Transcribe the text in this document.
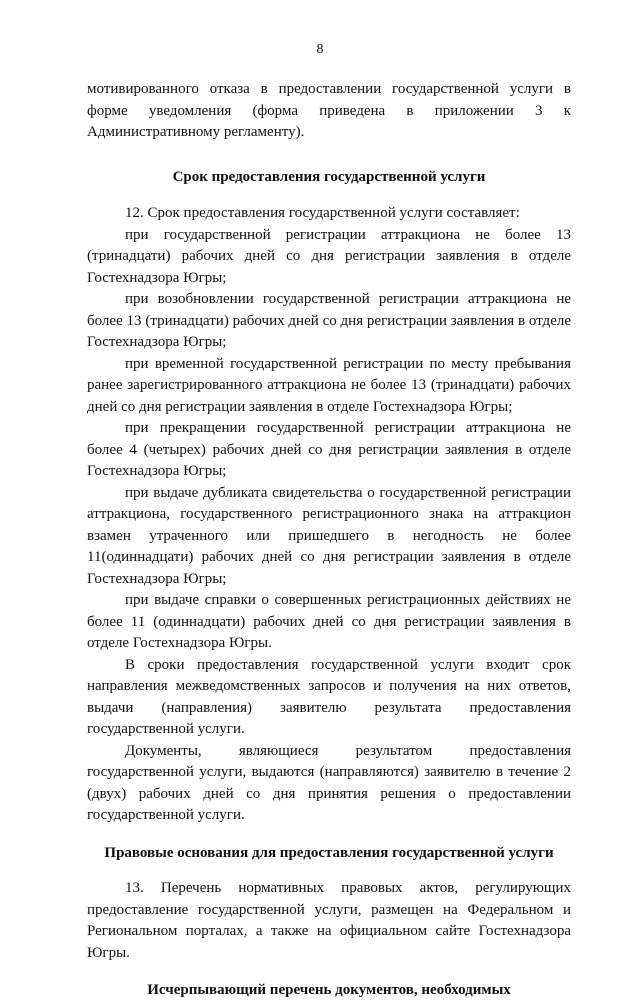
8

мотивированного отказа в предоставлении государственной услуги в форме уведомления (форма приведена в приложении 3 к Административному регламенту).

Срок предоставления государственной услуги

12. Срок предоставления государственной услуги составляет:

при государственной регистрации аттракциона не более 13 (тринадцати) рабочих дней со дня регистрации заявления в отделе Гостехнадзора Югры;

при возобновлении государственной регистрации аттракциона не более 13 (тринадцати) рабочих дней со дня регистрации заявления в отделе Гостехнадзора Югры;

при временной государственной регистрации по месту пребывания ранее зарегистрированного аттракциона не более 13 (тринадцати) рабочих дней со дня регистрации заявления в отделе Гостехнадзора Югры;

при прекращении государственной регистрации аттракциона не более 4 (четырех) рабочих дней со дня регистрации заявления в отделе Гостехнадзора Югры;

при выдаче дубликата свидетельства о государственной регистрации аттракциона, государственного регистрационного знака на аттракцион взамен утраченного или пришедшего в негодность не более 11(одиннадцати) рабочих дней со дня регистрации заявления в отделе Гостехнадзора Югры;

при выдаче справки о совершенных регистрационных действиях не более 11 (одиннадцати) рабочих дней со дня регистрации заявления в отделе Гостехнадзора Югры.

В сроки предоставления государственной услуги входит срок направления межведомственных запросов и получения на них ответов, выдачи (направления) заявителю результата предоставления государственной услуги.

Документы, являющиеся результатом предоставления государственной услуги, выдаются (направляются) заявителю в течение 2 (двух) рабочих дней со дня принятия решения о предоставлении государственной услуги.

Правовые основания для предоставления государственной услуги

13. Перечень нормативных правовых актов, регулирующих предоставление государственной услуги, размещен на Федеральном и Региональном порталах, а также на официальном сайте Гостехнадзора Югры.

Исчерпывающий перечень документов, необходимых
